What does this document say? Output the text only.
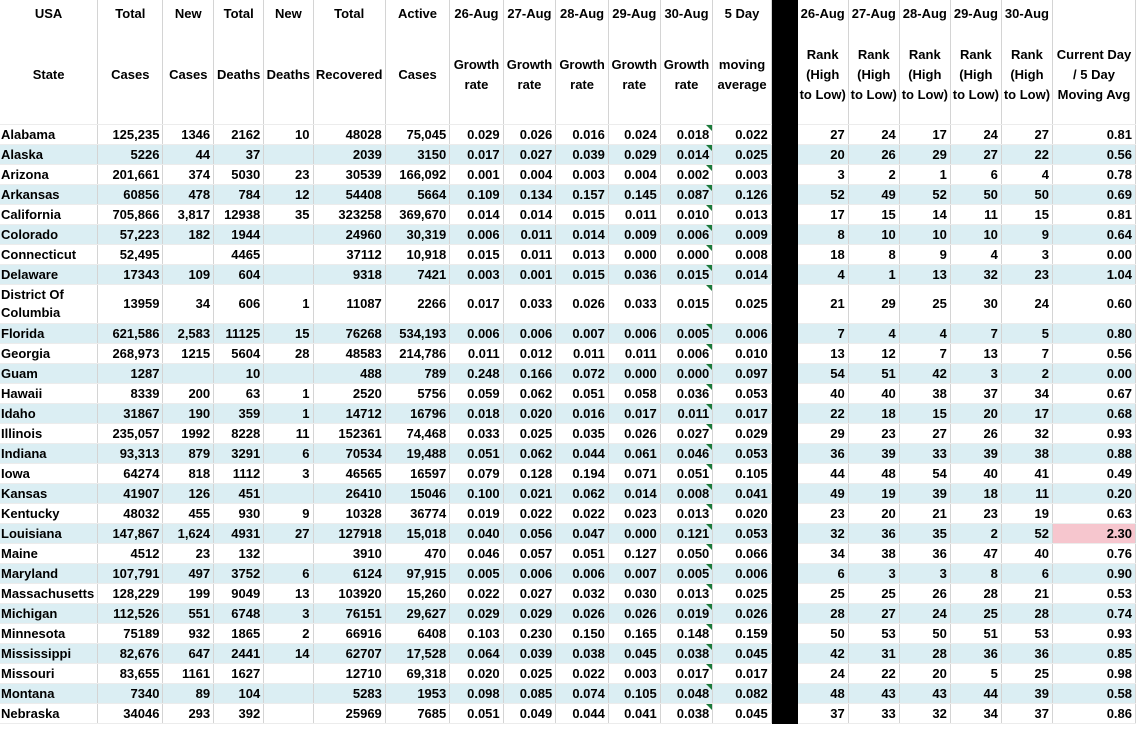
USA	Total	New	Total	New	Total	Active	26-Aug	27-Aug	28-Aug	29-Aug	30-Aug	5 Day		26-Aug	27-Aug	28-Aug	29-Aug	30-Aug	
State	Cases	Cases	Deaths	Deaths	Recovered	Cases	Growth rate	Growth rate	Growth rate	Growth rate	Growth rate	moving average		Rank (High to Low)	Rank (High to Low)	Rank (High to Low)	Rank (High to Low)	Rank (High to Low)	Current Day / 5 Day Moving Avg
Alabama	125,235	1346	2162	10	48028	75,045	0.029	0.026	0.016	0.024	0.018	0.022		27	24	17	24	27	0.81
Alaska	5226	44	37		2039	3150	0.017	0.027	0.039	0.029	0.014	0.025		20	26	29	27	22	0.56
Arizona	201,661	374	5030	23	30539	166,092	0.001	0.004	0.003	0.004	0.002	0.003		3	2	1	6	4	0.78
Arkansas	60856	478	784	12	54408	5664	0.109	0.134	0.157	0.145	0.087	0.126		52	49	52	50	50	0.69
California	705,866	3,817	12938	35	323258	369,670	0.014	0.014	0.015	0.011	0.010	0.013		17	15	14	11	15	0.81
Colorado	57,223	182	1944		24960	30,319	0.006	0.011	0.014	0.009	0.006	0.009		8	10	10	10	9	0.64
Connecticut	52,495		4465		37112	10,918	0.015	0.011	0.013	0.000	0.000	0.008		18	8	9	4	3	0.00
Delaware	17343	109	604		9318	7421	0.003	0.001	0.015	0.036	0.015	0.014		4	1	13	32	23	1.04
District Of Columbia	13959	34	606	1	11087	2266	0.017	0.033	0.026	0.033	0.015	0.025		21	29	25	30	24	0.60
Florida	621,586	2,583	11125	15	76268	534,193	0.006	0.006	0.007	0.006	0.005	0.006		7	4	4	7	5	0.80
Georgia	268,973	1215	5604	28	48583	214,786	0.011	0.012	0.011	0.011	0.006	0.010		13	12	7	13	7	0.56
Guam	1287		10		488	789	0.248	0.166	0.072	0.000	0.000	0.097		54	51	42	3	2	0.00
Hawaii	8339	200	63	1	2520	5756	0.059	0.062	0.051	0.058	0.036	0.053		40	40	38	37	34	0.67
Idaho	31867	190	359	1	14712	16796	0.018	0.020	0.016	0.017	0.011	0.017		22	18	15	20	17	0.68
Illinois	235,057	1992	8228	11	152361	74,468	0.033	0.025	0.035	0.026	0.027	0.029		29	23	27	26	32	0.93
Indiana	93,313	879	3291	6	70534	19,488	0.051	0.062	0.044	0.061	0.046	0.053		36	39	33	39	38	0.88
Iowa	64274	818	1112	3	46565	16597	0.079	0.128	0.194	0.071	0.051	0.105		44	48	54	40	41	0.49
Kansas	41907	126	451		26410	15046	0.100	0.021	0.062	0.014	0.008	0.041		49	19	39	18	11	0.20
Kentucky	48032	455	930	9	10328	36774	0.019	0.022	0.022	0.023	0.013	0.020		23	20	21	23	19	0.63
Louisiana	147,867	1,624	4931	27	127918	15,018	0.040	0.056	0.047	0.000	0.121	0.053		32	36	35	2	52	2.30
Maine	4512	23	132		3910	470	0.046	0.057	0.051	0.127	0.050	0.066		34	38	36	47	40	0.76
Maryland	107,791	497	3752	6	6124	97,915	0.005	0.006	0.006	0.007	0.005	0.006		6	3	3	8	6	0.90
Massachusetts	128,229	199	9049	13	103920	15,260	0.022	0.027	0.032	0.030	0.013	0.025		25	25	26	28	21	0.53
Michigan	112,526	551	6748	3	76151	29,627	0.029	0.029	0.026	0.026	0.019	0.026		28	27	24	25	28	0.74
Minnesota	75189	932	1865	2	66916	6408	0.103	0.230	0.150	0.165	0.148	0.159		50	53	50	51	53	0.93
Mississippi	82,676	647	2441	14	62707	17,528	0.064	0.039	0.038	0.045	0.038	0.045		42	31	28	36	36	0.85
Missouri	83,655	1161	1627		12710	69,318	0.020	0.025	0.022	0.003	0.017	0.017		24	22	20	5	25	0.98
Montana	7340	89	104		5283	1953	0.098	0.085	0.074	0.105	0.048	0.082		48	43	43	44	39	0.58
Nebraska	34046	293	392		25969	7685	0.051	0.049	0.044	0.041	0.038	0.045		37	33	32	34	37	0.86
